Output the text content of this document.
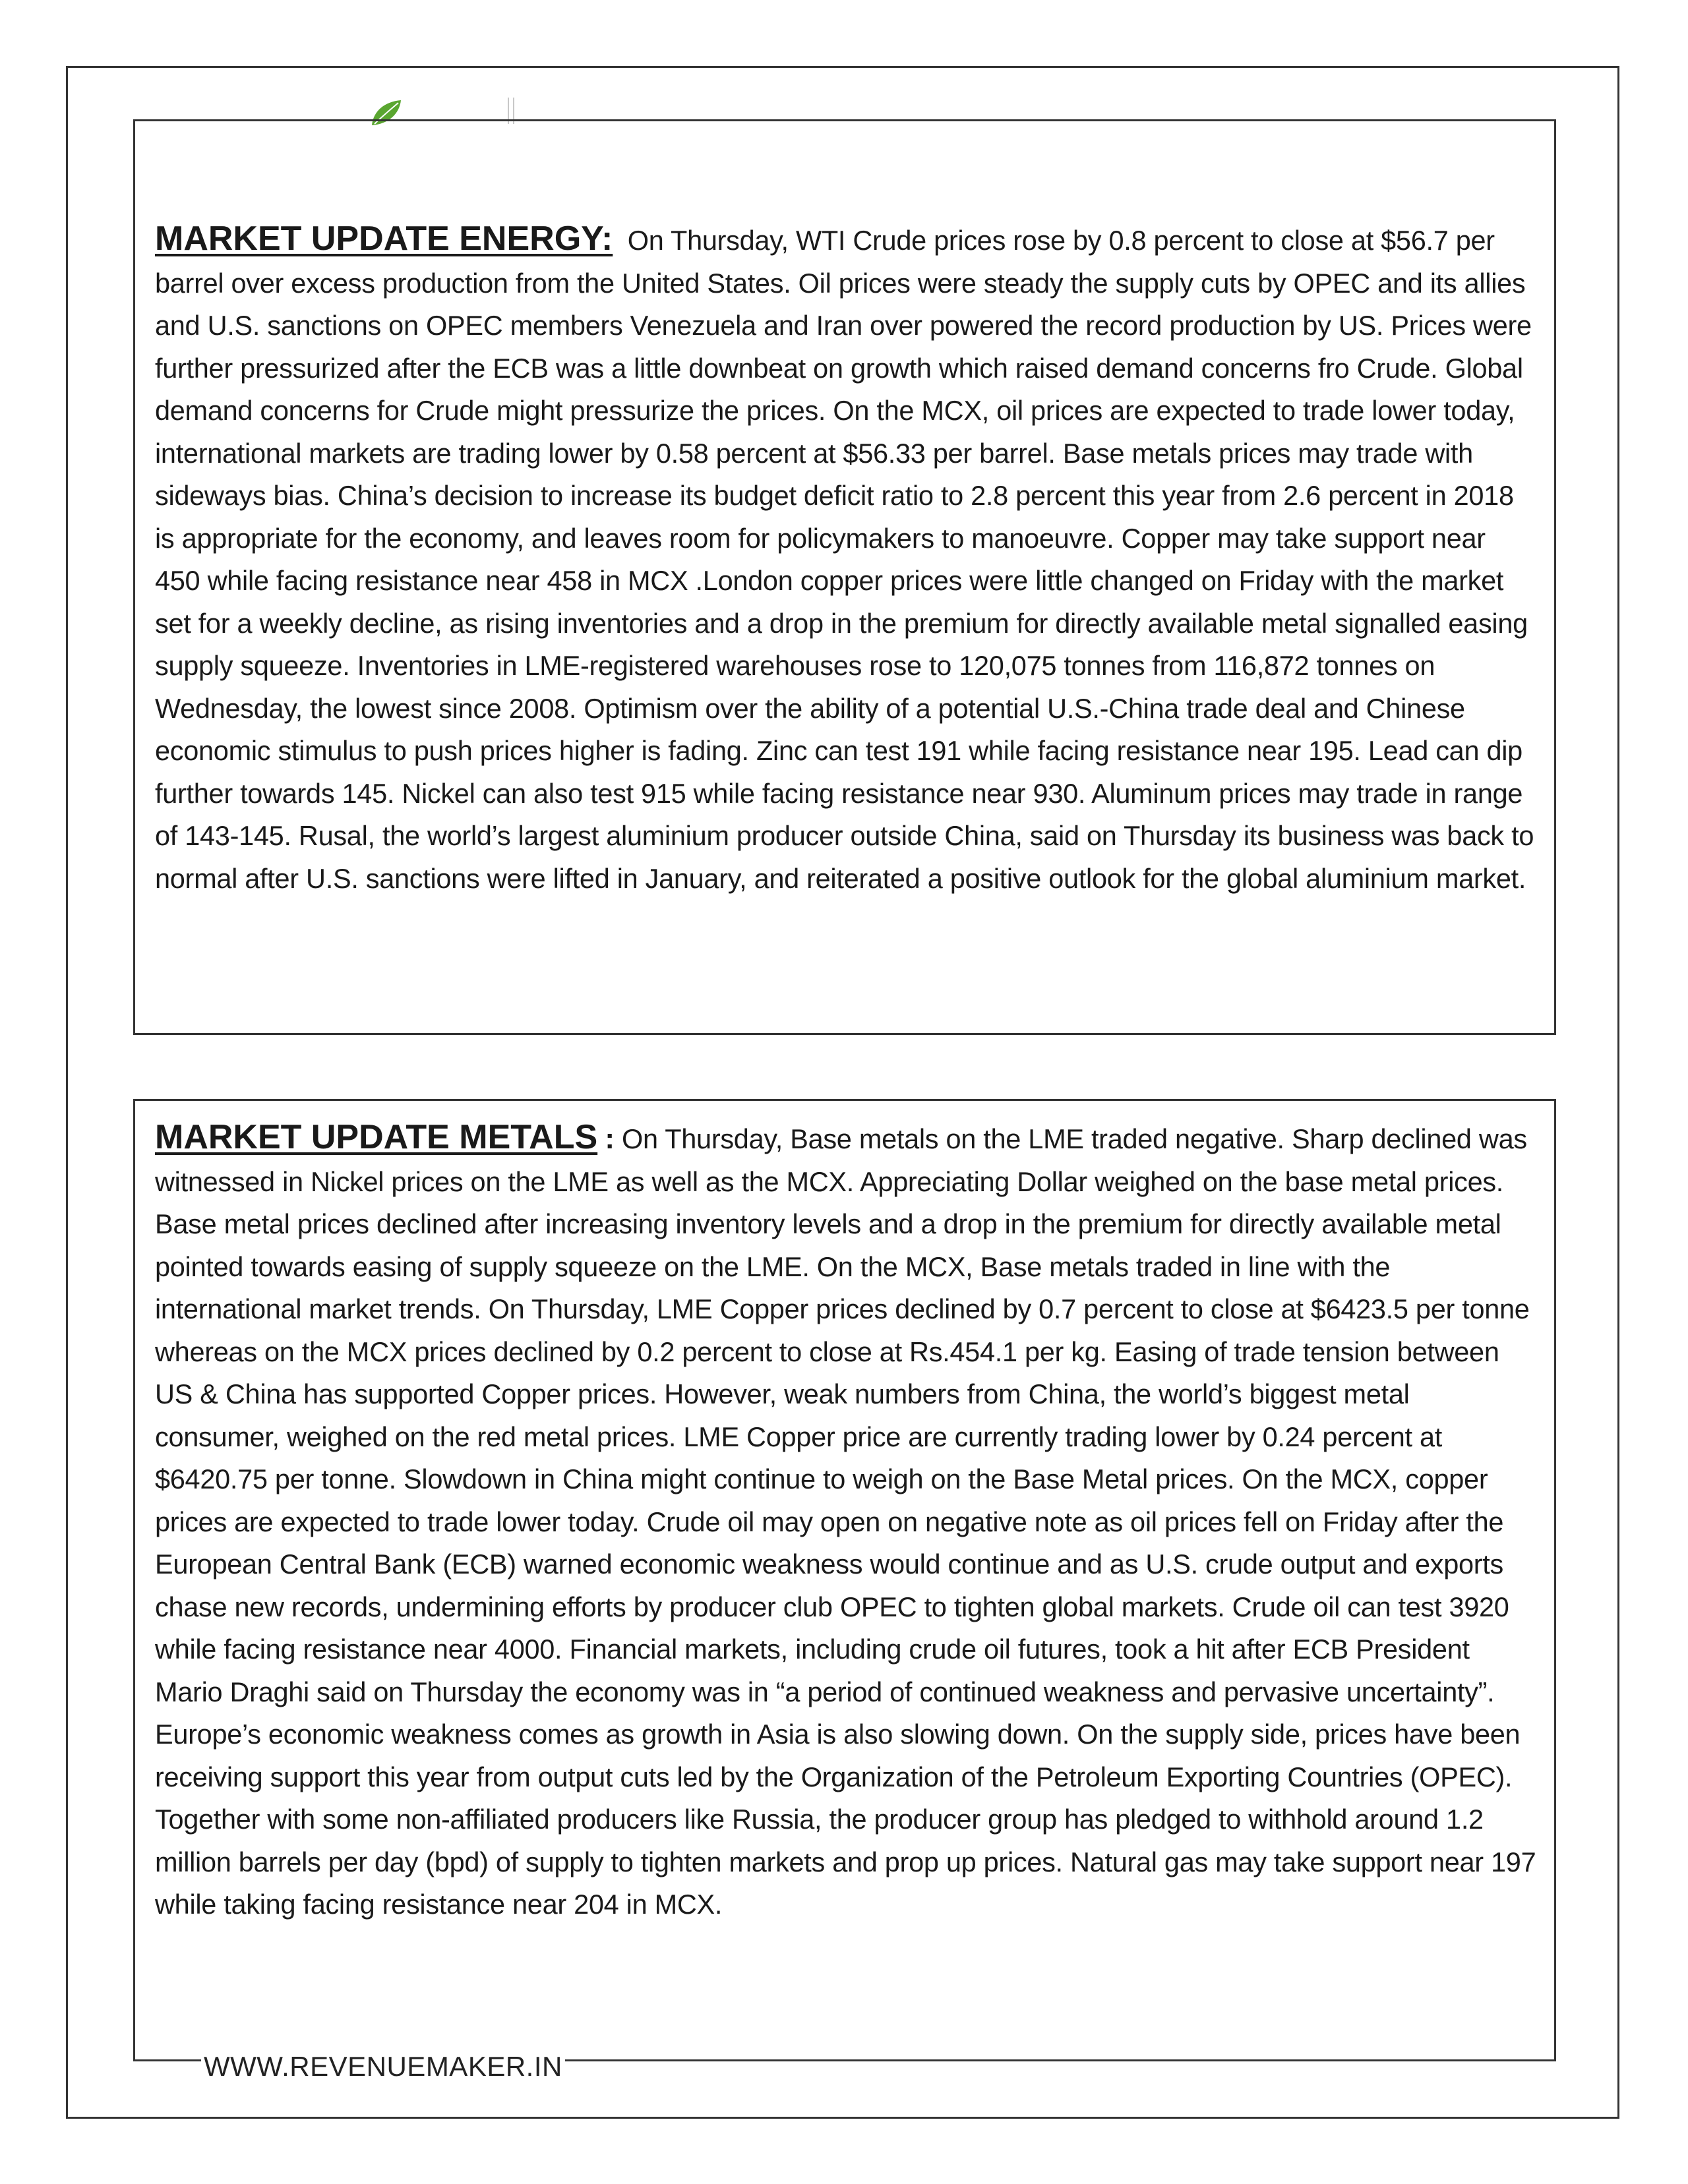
MARKET UPDATE ENERGY: On Thursday, WTI Crude prices rose by 0.8 percent to close at $56.7 per barrel over excess production from the United States. Oil prices were steady the supply cuts by OPEC and its allies and U.S. sanctions on OPEC members Venezuela and Iran over powered the record production by US. Prices were further pressurized after the ECB was a little downbeat on growth which raised demand concerns fro Crude. Global demand concerns for Crude might pressurize the prices. On the MCX, oil prices are expected to trade lower today, international markets are trading lower by 0.58 percent at $56.33 per barrel. Base metals prices may trade with sideways bias. China’s decision to increase its budget deficit ratio to 2.8 percent this year from 2.6 percent in 2018 is appropriate for the economy, and leaves room for policymakers to manoeuvre. Copper may take support near 450 while facing resistance near 458 in MCX .London copper prices were little changed on Friday with the market set for a weekly decline, as rising inventories and a drop in the premium for directly available metal signalled easing supply squeeze. Inventories in LME-registered warehouses rose to 120,075 tonnes from 116,872 tonnes on Wednesday, the lowest since 2008. Optimism over the ability of a potential U.S.-China trade deal and Chinese economic stimulus to push prices higher is fading. Zinc can test 191 while facing resistance near 195. Lead can dip further towards 145. Nickel can also test 915 while facing resistance near 930. Aluminum prices may trade in range of 143-145. Rusal, the world’s largest aluminium producer outside China, said on Thursday its business was back to normal after U.S. sanctions were lifted in January, and reiterated a positive outlook for the global aluminium market.

MARKET UPDATE METALS : On Thursday, Base metals on the LME traded negative. Sharp declined was witnessed in Nickel prices on the LME as well as the MCX. Appreciating Dollar weighed on the base metal prices. Base metal prices declined after increasing inventory levels and a drop in the premium for directly available metal pointed towards easing of supply squeeze on the LME. On the MCX, Base metals traded in line with the international market trends. On Thursday, LME Copper prices declined by 0.7 percent to close at $6423.5 per tonne whereas on the MCX prices declined by 0.2 percent to close at Rs.454.1 per kg. Easing of trade tension between US & China has supported Copper prices. However, weak numbers from China, the world’s biggest metal consumer, weighed on the red metal prices. LME Copper price are currently trading lower by 0.24 percent at $6420.75 per tonne. Slowdown in China might continue to weigh on the Base Metal prices. On the MCX, copper prices are expected to trade lower today. Crude oil may open on negative note as oil prices fell on Friday after the European Central Bank (ECB) warned economic weakness would continue and as U.S. crude output and exports chase new records, undermining efforts by producer club OPEC to tighten global markets. Crude oil can test 3920 while facing resistance near 4000. Financial markets, including crude oil futures, took a hit after ECB President Mario Draghi said on Thursday the economy was in “a period of continued weakness and pervasive uncertainty”. Europe’s economic weakness comes as growth in Asia is also slowing down. On the supply side, prices have been receiving support this year from output cuts led by the Organization of the Petroleum Exporting Countries (OPEC). Together with some non-affiliated producers like Russia, the producer group has pledged to withhold around 1.2 million barrels per day (bpd) of supply to tighten markets and prop up prices. Natural gas may take support near 197 while taking facing resistance near 204 in MCX.

WWW.REVENUEMAKER.IN
